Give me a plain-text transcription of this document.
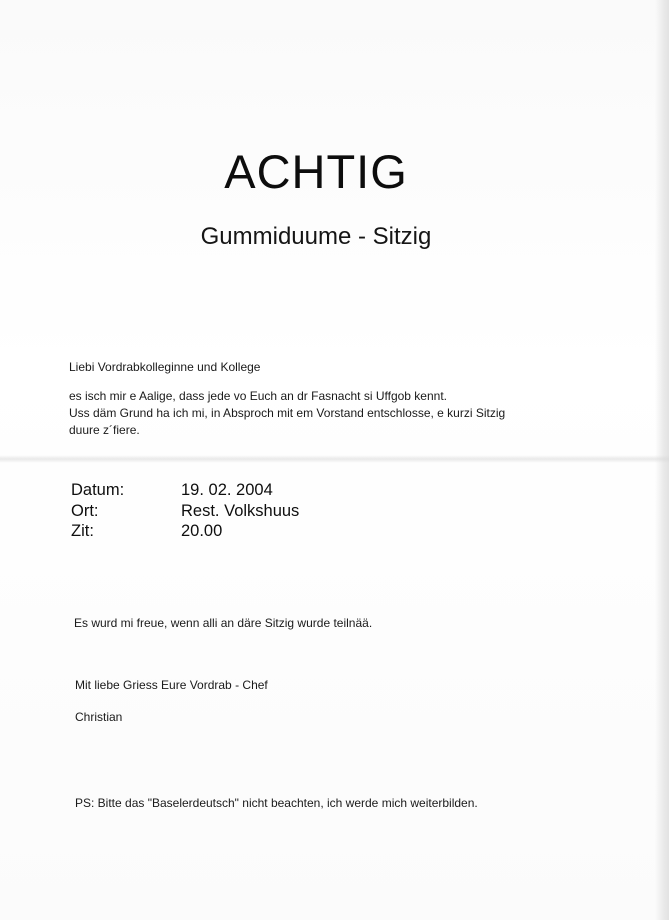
ACHTIG
Gummiduume - Sitzig
Liebi Vordrabkolleginne und Kollege
es isch mir e Aalige, dass jede vo Euch an dr Fasnacht si Uffgob kennt.
Uss däm Grund ha ich mi, in Absproch mit em Vorstand entschlosse, e kurzi Sitzig
duure z´fiere.
Datum:	19. 02. 2004
Ort:	Rest. Volkshuus
Zit:	20.00
Es wurd mi freue, wenn alli an däre Sitzig wurde teilnää.
Mit liebe Griess Eure Vordrab - Chef
Christian
PS: Bitte das "Baselerdeutsch" nicht beachten, ich werde mich weiterbilden.
